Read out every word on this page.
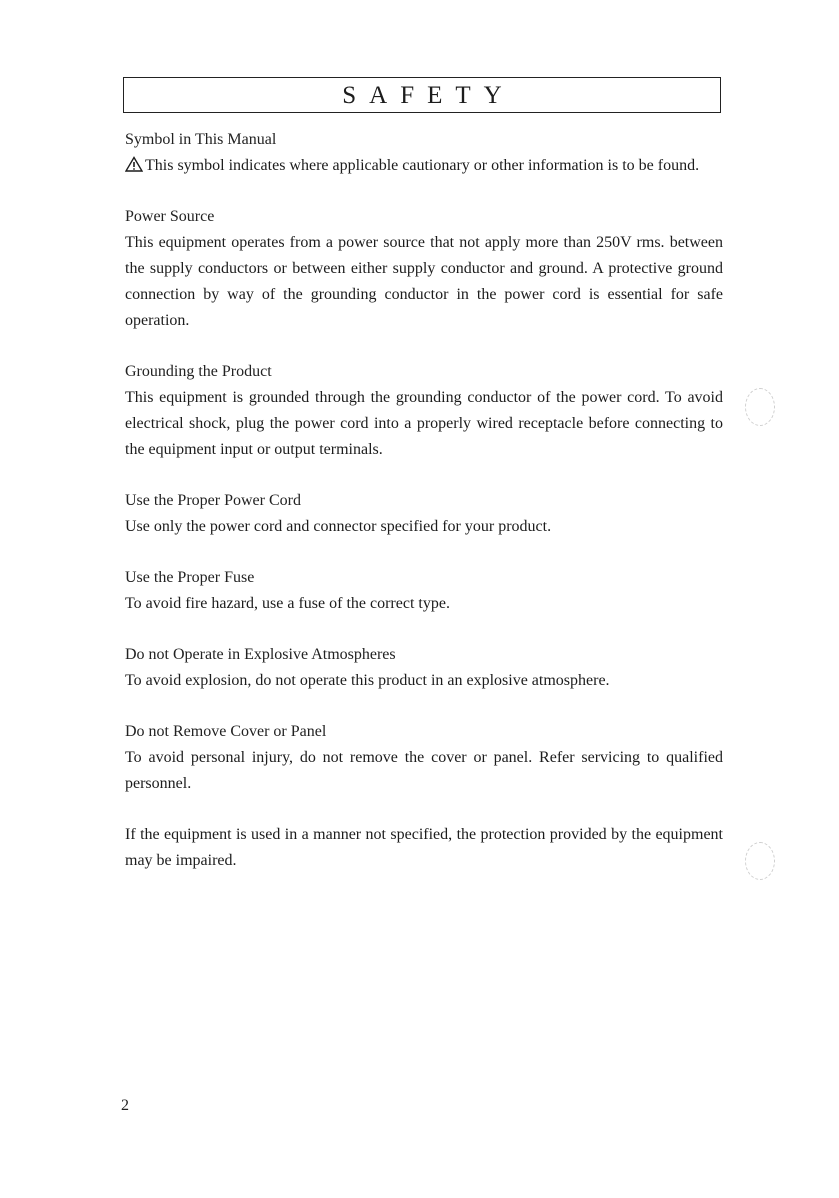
SAFETY

Symbol in This Manual

This symbol indicates where applicable cautionary or other information is to be found.

Power Source

This equipment operates from a power source that not apply more than 250V rms. between the supply conductors or between either supply conductor and ground. A protective ground connection by way of the grounding conductor in the power cord is essential for safe operation.

Grounding the Product

This equipment is grounded through the grounding conductor of the power cord. To avoid electrical shock, plug the power cord into a properly wired receptacle before connecting to the equipment input or output terminals.

Use the Proper Power Cord

Use only the power cord and connector specified for your product.

Use the Proper Fuse

To avoid fire hazard, use a fuse of the correct type.

Do not Operate in Explosive Atmospheres

To avoid explosion, do not operate this product in an explosive atmosphere.

Do not Remove Cover or Panel

To avoid personal injury, do not remove the cover or panel. Refer servicing to qualified personnel.

If the equipment is used in a manner not specified, the protection provided by the equipment may be impaired.

2
